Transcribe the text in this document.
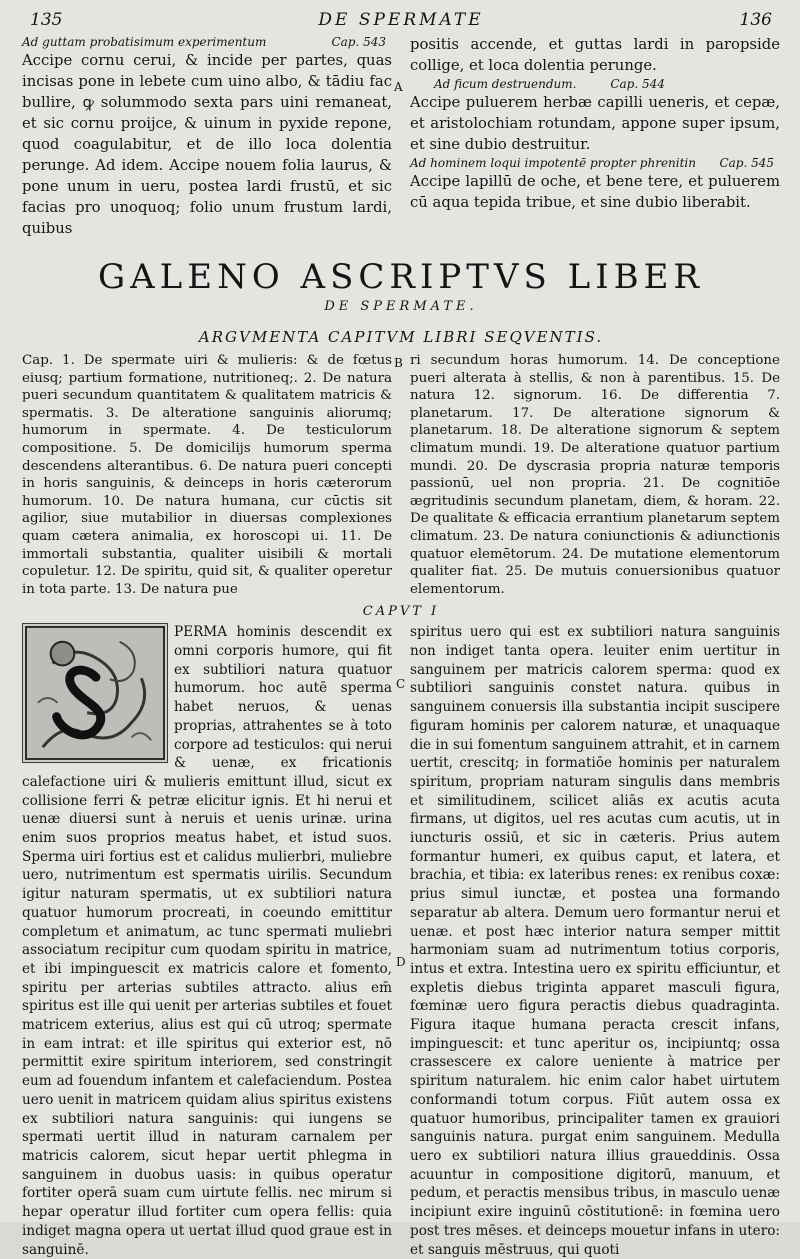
135	DE SPERMATE	136
Ad guttam probatisimum experimentum	Cap. 543

Accipe cornu cerui, & incide per partes, quas incisas pone in lebete cum uino albo, & tādiu fac bullire, ꝙ solummodo sexta pars uini remaneat, et sic cornu proijce, & uinum in pyxide repone, quod coagulabitur, et de illo loca dolentia perunge. Ad idem. Accipe nouem folia laurus, & pone unum in ueru, postea lardi frustū, et sic facias pro unoquoq; folio unum frustum lardi, quibus

positis accende, et guttas lardi in paropside collige, et loca dolentia perunge.

Ad ficum destruendum.	Cap. 544

Accipe puluerem herbæ capilli ueneris, et cepæ, et aristolochiam rotundam, appone super ipsum, et sine dubio destruitur.

Ad hominem loqui impotentē propter phrenitin Cap. 545

Accipe lapillū de oche, et bene tere, et puluerem cū aqua tepida tribue, et sine dubio liberabit.

A
GALENO ASCRIPTVS LIBER
DE SPERMATE.
ARGVMENTA CAPITVM LIBRI SEQVENTIS.

Cap. 1. De spermate uiri & mulieris: & de fœtus eiusq; partium formatione, nutritioneq;. 2. De natura pueri secundum quantitatem & qualitatem matricis & spermatis. 3. De alteratione sanguinis aliorumq; humorum in spermate. 4. De testiculorum compositione. 5. De domicilijs humorum sperma descendens alterantibus. 6. De natura pueri concepti in horis sanguinis, & deinceps in horis cæterorum humorum. 10. De natura humana, cur cūctis sit agilior, siue mutabilior in diuersas complexiones quam cætera animalia, ex horoscopi ui. 11. De immortali substantia, qualiter uisibili & mortali copuletur. 12. De spiritu, quid sit, & qualiter operetur in tota parte. 13. De natura pue

ri secundum horas humorum. 14. De conceptione pueri alterata à stellis, & non à parentibus. 15. De natura 12. signorum. 16. De differentia 7. planetarum. 17. De alteratione signorum & planetarum. 18. De alteratione signorum & septem climatum mundi. 19. De alteratione quatuor partium mundi. 20. De dyscrasia propria naturæ temporis passionū, uel non propria. 21. De cognitiōe ægritudinis secundum planetam, diem, & horam. 22. De qualitate & efficacia errantium planetarum septem climatum. 23. De natura coniunctionis & adiunctionis quatuor elemētorum. 24. De mutatione elementorum qualiter fiat. 25. De mutuis conuersionibus quatuor elementorum.

B
CAPVT I

PERMA hominis descendit ex omni corporis humore, qui fit ex subtiliori natura quatuor humorum. hoc autē sperma habet neruos, & uenas proprias, attrahentes se à toto corpore ad testiculos: qui nerui & uenæ, ex fricationis calefactione uiri & mulieris emittunt illud, sicut ex collisione ferri & petræ elicitur ignis. Et hi nerui et uenæ diuersi sunt à neruis et uenis urinæ. urina enim suos proprios meatus habet, et istud suos. Sperma uiri fortius est et calidus mulierbri, muliebre uero, nutrimentum est spermatis uirilis. Secundum igitur naturam spermatis, ut ex subtiliori natura quatuor humorum procreati, in coeundo emittitur completum et animatum, ac tunc spermati muliebri associatum recipitur cum quodam spiritu in matrice, et ibi impinguescit ex matricis calore et fomento, spiritu per arterias subtiles attracto. alius em̄ spiritus est ille qui uenit per arterias subtiles et fouet matricem exterius, alius est qui cū utroq; spermate in eam intrat: et ille spiritus qui exterior est, nō permittit exire spiritum interiorem, sed constringit eum ad fouendum infantem et calefaciendum. Postea uero uenit in matricem quidam alius spiritus existens ex subtiliori natura sanguinis: qui iungens se spermati uertit illud in naturam carnalem per matricis calorem, sicut hepar uertit phlegma in sanguinem in duobus uasis: in quibus operatur fortiter operā suam cum uirtute fellis. nec mirum si hepar operatur illud fortiter cum opera fellis: quia indiget magna opera ut uertat illud quod graue est in sanguinē.

spiritus uero qui est ex subtiliori natura sanguinis non indiget tanta opera. leuiter enim uertitur in sanguinem per matricis calorem sperma: quod ex subtiliori sanguinis constet natura. quibus in sanguinem conuersis illa substantia incipit suscipere figuram hominis per calorem naturæ, et unaquaque die in sui fomentum sanguinem attrahit, et in carnem uertit, crescitq; in formatiōe hominis per naturalem spiritum, propriam naturam singulis dans membris et similitudinem, scilicet aliās ex acutis acuta firmans, ut digitos, uel res acutas cum acutis, ut in iuncturis ossiū, et sic in cæteris. Prius autem formantur humeri, ex quibus caput, et latera, et brachia, et tibia: ex lateribus renes: ex renibus coxæ: prius simul iunctæ, et postea una formando separatur ab altera. Demum uero formantur nerui et uenæ. et post hæc interior natura semper mittit harmoniam suam ad nutrimentum totius corporis, intus et extra. Intestina uero ex spiritu efficiuntur, et expletis diebus triginta apparet masculi figura, fœminæ uero figura peractis diebus quadraginta. Figura itaque humana peracta crescit infans, impinguescit: et tunc aperitur os, incipiuntq; ossa crassescere ex calore ueniente à matrice per spiritum naturalem. hic enim calor habet uirtutem conformandi totum corpus. Fiūt autem ossa ex quatuor humoribus, principaliter tamen ex grauiori sanguinis natura. purgat enim sanguinem. Medulla uero ex subtiliori natura illius graueddinis. Ossa acuuntur in compositione digitorū, manuum, et pedum, et peractis mensibus tribus, in masculo uenæ incipiunt exire inguinū cōstitutionē: in fœmina uero post tres mēses. et deinceps mouetur infans in utero: et sanguis mēstruus, qui quoti

C
D
